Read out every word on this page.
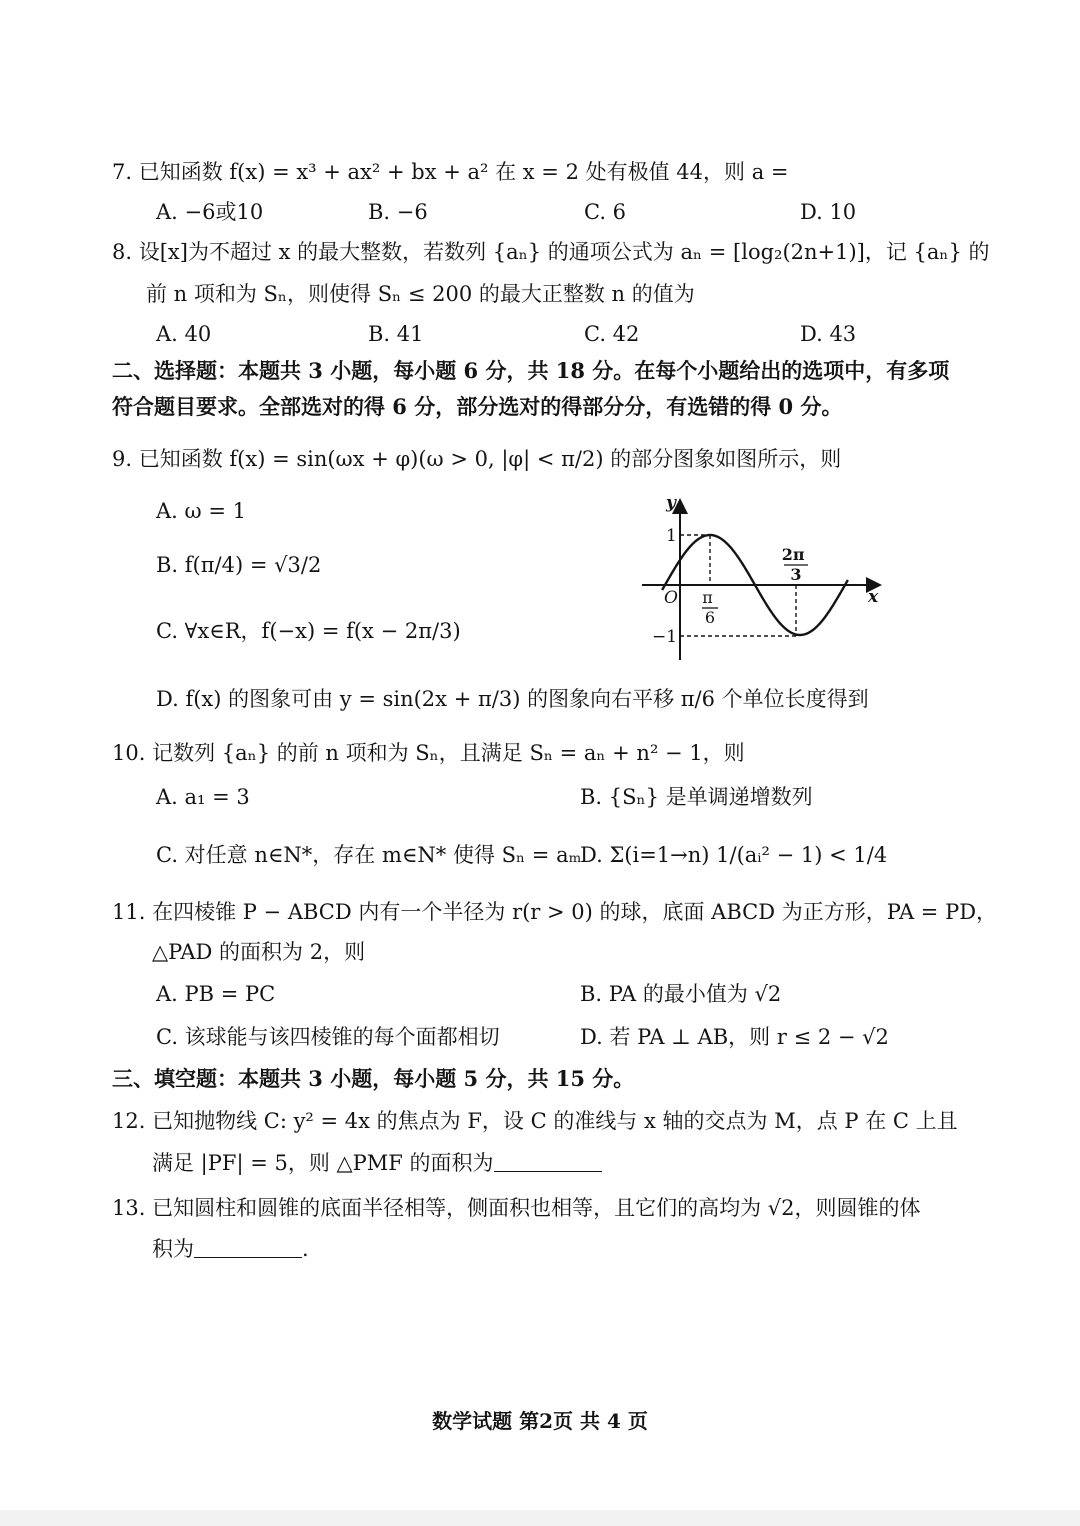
7. 已知函数 f(x) = x³ + ax² + bx + a² 在 x = 2 处有极值 44，则 a =
A. −6或10	B. −6	C. 6	D. 10
8. 设[x]为不超过 x 的最大整数，若数列 {aₙ} 的通项公式为 aₙ = [log₂(2n+1)]，记 {aₙ} 的
前 n 项和为 Sₙ，则使得 Sₙ ≤ 200 的最大正整数 n 的值为
A. 40	B. 41	C. 42	D. 43
二、选择题：本题共 3 小题，每小题 6 分，共 18 分。在每个小题给出的选项中，有多项
符合题目要求。全部选对的得 6 分，部分选对的得部分分，有选错的得 0 分。
9. 已知函数 f(x) = sin(ωx + φ)(ω > 0, |φ| < π/2) 的部分图象如图所示，则
A. ω = 1
B. f(π/4) = √3/2
C. ∀x∈R，f(−x) = f(x − 2π/3)
D. f(x) 的图象可由 y = sin(2x + π/3) 的图象向右平移 π/6 个单位长度得到
y
x
O
1
−1
π 6
2π 3
10. 记数列 {aₙ} 的前 n 项和为 Sₙ，且满足 Sₙ = aₙ + n² − 1，则
A. a₁ = 3	B. {Sₙ} 是单调递增数列
C. 对任意 n∈N*，存在 m∈N* 使得 Sₙ = aₘ
D. Σ(i=1→n) 1/(aᵢ² − 1) < 1/4
11. 在四棱锥 P − ABCD 内有一个半径为 r(r > 0) 的球，底面 ABCD 为正方形，PA = PD，
△PAD 的面积为 2，则
A. PB = PC	B. PA 的最小值为 √2
C. 该球能与该四棱锥的每个面都相切	D. 若 PA ⊥ AB，则 r ≤ 2 − √2
三、填空题：本题共 3 小题，每小题 5 分，共 15 分。
12. 已知抛物线 C: y² = 4x 的焦点为 F，设 C 的准线与 x 轴的交点为 M，点 P 在 C 上且
满足 |PF| = 5，则 △PMF 的面积为
13. 已知圆柱和圆锥的底面半径相等，侧面积也相等，且它们的高均为 √2，则圆锥的体
积为	.
数学试题 第2页 共 4 页
